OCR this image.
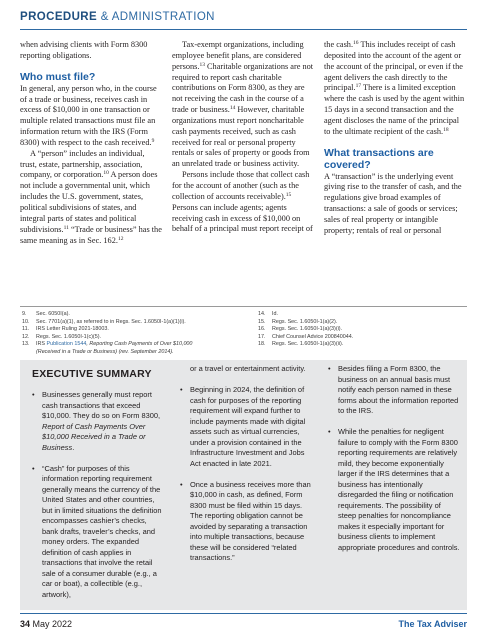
PROCEDURE & ADMINISTRATION

when advising clients with Form 8300 reporting obligations.

Who must file?

In general, any person who, in the course of a trade or business, receives cash in excess of $10,000 in one transaction or multiple related transactions must file an information return with the IRS (Form 8300) with respect to the cash received.$^9$

A “person” includes an individual, trust, estate, partnership, association, company, or corporation.$^{10}$ A person does not include a governmental unit, which includes the U.S. government, states, political subdivisions of states, and integral parts of states and political subdivisions.$^{11}$ “Trade or business” has the same meaning as in Sec. 162.12

Tax-exempt organizations, including employee benefit plans, are considered persons.$^{13}$ Charitable organizations are not required to report cash charitable contributions on Form 8300, as they are not receiving the cash in the course of a trade or business.$^{14}$ However, charitable organizations must report noncharitable cash payments received, such as cash received for real or personal property rentals or sales of property or goods from an unrelated trade or business activity.

Persons include those that collect cash for the account of another (such as the collection of accounts receivable).$^{15}$ Persons can include agents; agents receiving cash in excess of $10,000 on behalf of a principal must report receipt of

the cash.$^{16}$ This includes receipt of cash deposited into the account of the agent or the account of the principal, or even if the agent delivers the cash directly to the principal.$^{17}$ There is a limited exception where the cash is used by the agent within 15 days in a second transaction and the agent discloses the name of the principal to the ultimate recipient of the cash.$^{18}$

What transactions are covered?

A “transaction” is the underlying event giving rise to the transfer of cash, and the regulations give broad examples of transactions: a sale of goods or services; sales of real property or intangible property; rentals of real or personal

9. Sec. 6050I(a).
10. Sec. 7701(a)(1), as referred to in Regs. Sec. 1.6050I-1(a)(1)(i).
11. IRS Letter Ruling 2021-18003.
12. Regs. Sec. 1.6050I-1(c)(5).
13. IRS Publication 1544, Reporting Cash Payments of Over $10,000
(Received in a Trade or Business) (rev. September 2014).
14. Id.
15. Regs. Sec. 1.6050I-1(a)(2).
16. Regs. Sec. 1.6050I-1(a)(3)(i).
17. Chief Counsel Advice 200840044.
18. Regs. Sec. 1.6050I-1(a)(3)(ii).
EXECUTIVE SUMMARY
• Businesses generally must report cash transactions that exceed $10,000. They do so on Form 8300, Report of Cash Payments Over $10,000 Received in a Trade or Business.
• “Cash” for purposes of this information reporting requirement generally means the currency of the United States and other countries, but in limited situations the definition encompasses cashier’s checks, bank drafts, traveler’s checks, and money orders. The expanded definition of cash applies in transactions that involve the retail sale of a consumer durable (e.g., a car or boat), a collectible (e.g., artwork),
or a travel or entertainment activity.
• Beginning in 2024, the definition of cash for purposes of the reporting requirement will expand further to include payments made with digital assets such as virtual currencies, under a provision contained in the Infrastructure Investment and Jobs Act enacted in late 2021.
• Once a business receives more than $10,000 in cash, as defined, Form 8300 must be filed within 15 days. The reporting obligation cannot be avoided by separating a transaction into multiple transactions, because these will be considered “related transactions.”
• Besides filing a Form 8300, the business on an annual basis must notify each person named in these forms about the information reported to the IRS.
• While the penalties for negligent failure to comply with the Form 8300 reporting requirements are relatively mild, they become exponentially larger if the IRS determines that a business has intentionally disregarded the filing or notification requirements. The possibility of steep penalties for noncompliance makes it especially important for business clients to implement appropriate procedures and controls.
34 May 2022	The Tax Adviser
